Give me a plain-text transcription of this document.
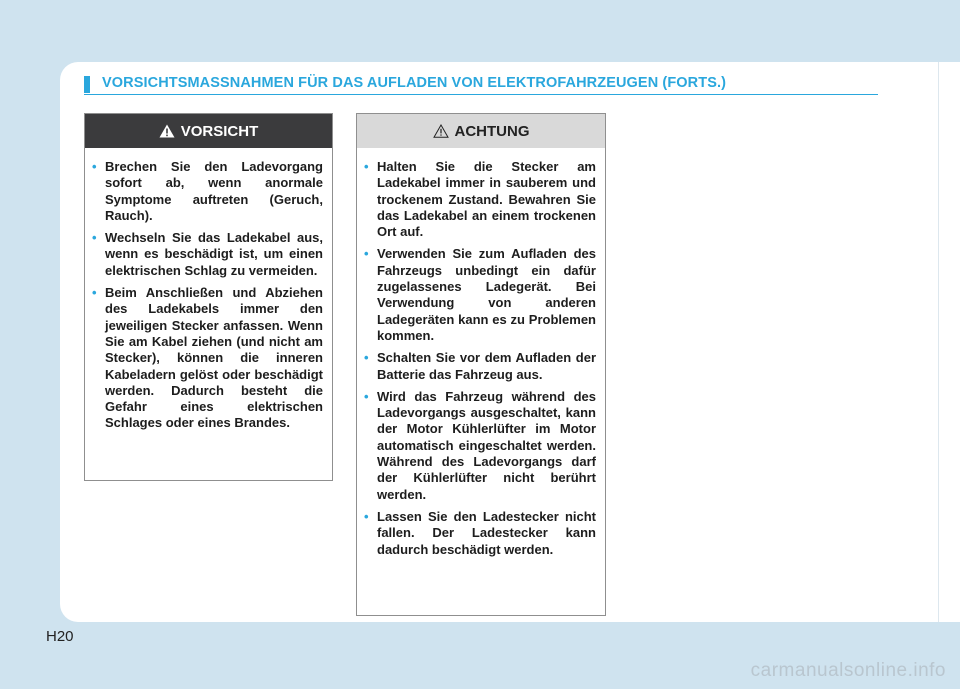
VORSICHTSMASSNAHMEN FÜR DAS AUFLADEN VON ELEKTROFAHRZEUGEN (FORTS.)
VORSICHT
• Brechen Sie den Ladevorgang sofort ab, wenn anormale Symptome auftreten (Geruch, Rauch).
• Wechseln Sie das Ladekabel aus, wenn es beschädigt ist, um einen elektrischen Schlag zu vermeiden.
• Beim Anschließen und Abziehen des Ladekabels immer den jeweiligen Stecker anfassen. Wenn Sie am Kabel ziehen (und nicht am Stecker), können die inneren Kabeladern gelöst oder beschädigt werden. Dadurch besteht die Gefahr eines elektrischen Schlages oder eines Brandes.
ACHTUNG
• Halten Sie die Stecker am Ladekabel immer in sauberem und trockenem Zustand. Bewahren Sie das Ladekabel an einem trockenen Ort auf.
• Verwenden Sie zum Aufladen des Fahrzeugs unbedingt ein dafür zugelassenes Ladegerät. Bei Verwendung von anderen Ladegeräten kann es zu Problemen kommen.
• Schalten Sie vor dem Aufladen der Batterie das Fahrzeug aus.
• Wird das Fahrzeug während des Ladevorgangs ausgeschaltet, kann der Motor Kühlerlüfter im Motor automatisch eingeschaltet werden. Während des Ladevorgangs darf der Kühlerlüfter nicht berührt werden.
• Lassen Sie den Ladestecker nicht fallen. Der Ladestecker kann dadurch beschädigt werden.
H20
carmanualsonline.info
